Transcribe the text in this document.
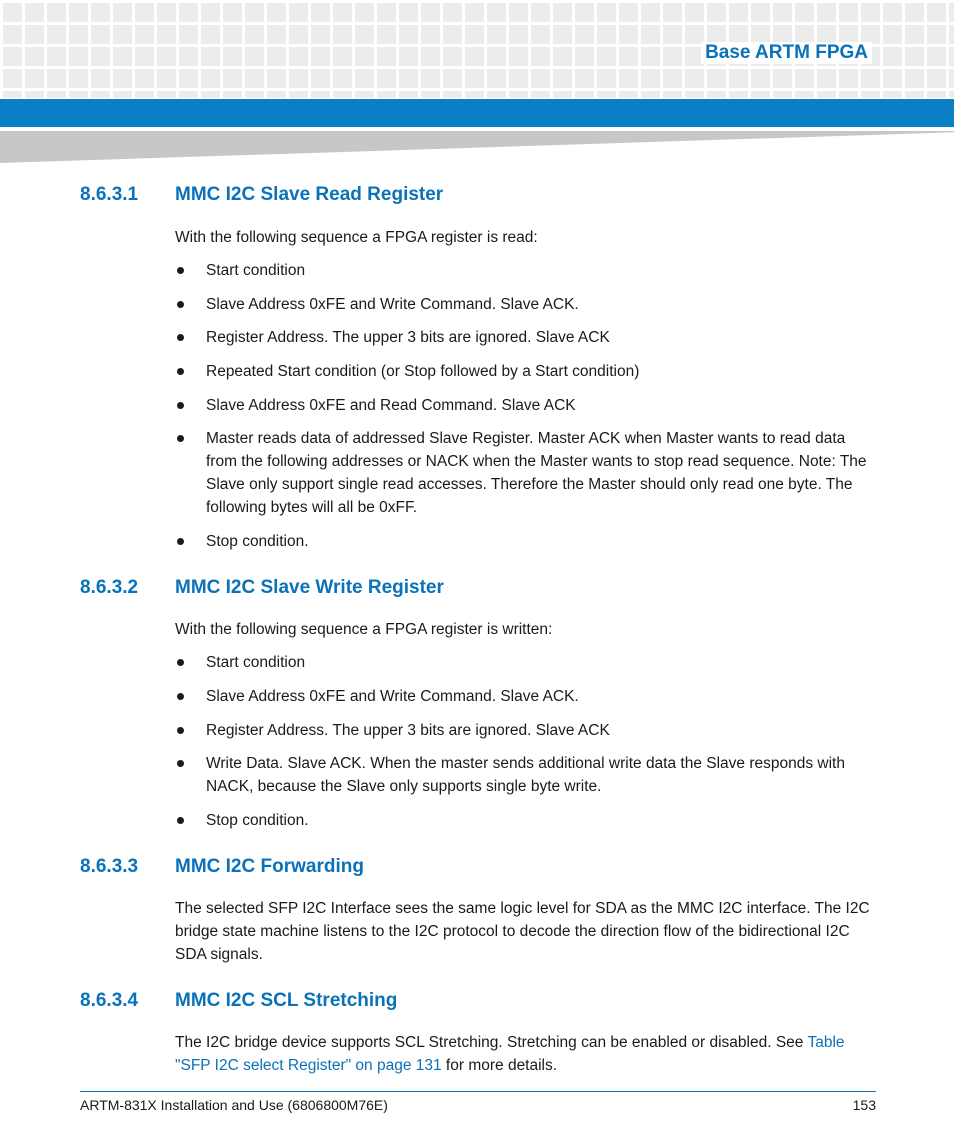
Base ARTM FPGA
8.6.3.1 MMC I2C Slave Read Register
With the following sequence a FPGA register is read:
Start condition
Slave Address 0xFE and Write Command. Slave ACK.
Register Address. The upper 3 bits are ignored. Slave ACK
Repeated Start condition (or Stop followed by a Start condition)
Slave Address 0xFE and Read Command. Slave ACK
Master reads data of addressed Slave Register. Master ACK when Master wants to read data from the following addresses or NACK when the Master wants to stop read sequence. Note: The Slave only support single read accesses. Therefore the Master should only read one byte. The following bytes will all be 0xFF.
Stop condition.
8.6.3.2 MMC I2C Slave Write Register
With the following sequence a FPGA register is written:
Start condition
Slave Address 0xFE and Write Command. Slave ACK.
Register Address. The upper 3 bits are ignored. Slave ACK
Write Data. Slave ACK. When the master sends additional write data the Slave responds with NACK, because the Slave only supports single byte write.
Stop condition.
8.6.3.3 MMC I2C Forwarding
The selected SFP I2C Interface sees the same logic level for SDA as the MMC I2C interface. The I2C bridge state machine listens to the I2C protocol to decode the direction flow of the bidirectional I2C SDA signals.
8.6.3.4 MMC I2C SCL Stretching
The I2C bridge device supports SCL Stretching. Stretching can be enabled or disabled. See Table "SFP I2C select Register" on page 131 for more details.
ARTM-831X Installation and Use (6806800M76E)	153
